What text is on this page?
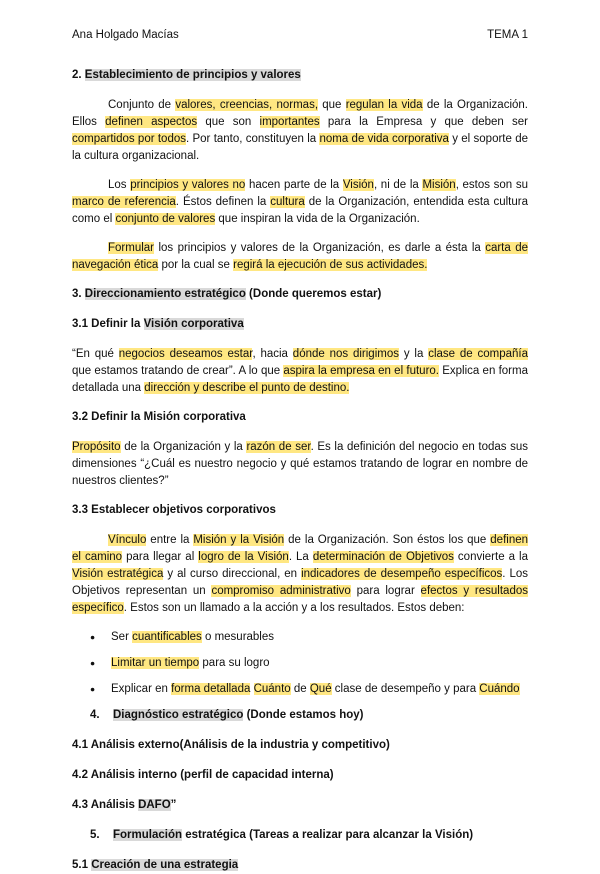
Ana Holgado Macías	TEMA 1
2. Establecimiento de principios y valores
Conjunto de valores, creencias, normas, que regulan la vida de la Organización. Ellos definen aspectos que son importantes para la Empresa y que deben ser compartidos por todos. Por tanto, constituyen la noma de vida corporativa y el soporte de la cultura organizacional.
Los principios y valores no hacen parte de la Visión, ni de la Misión, estos son su marco de referencia. Éstos definen la cultura de la Organización, entendida esta cultura como el conjunto de valores que inspiran la vida de la Organización.
Formular los principios y valores de la Organización, es darle a ésta la carta de navegación ética por la cual se regirá la ejecución de sus actividades.
3. Direccionamiento estratégico (Donde queremos estar)
3.1 Definir la Visión corporativa
“En qué negocios deseamos estar, hacia dónde nos dirigimos y la clase de compañía que estamos tratando de crear”. A lo que aspira la empresa en el futuro. Explica en forma detallada una dirección y describe el punto de destino.
3.2 Definir la Misión corporativa
Propósito de la Organización y la razón de ser. Es la definición del negocio en todas sus dimensiones “¿Cuál es nuestro negocio y qué estamos tratando de lograr en nombre de nuestros clientes?”
3.3 Establecer objetivos corporativos
Vínculo entre la Misión y la Visión de la Organización. Son éstos los que definen el camino para llegar al logro de la Visión. La determinación de Objetivos convierte a la Visión estratégica y al curso direccional, en indicadores de desempeño específicos. Los Objetivos representan un compromiso administrativo para lograr efectos y resultados específico. Estos son un llamado a la acción y a los resultados. Estos deben:
●	Ser cuantificables o mesurables
●	Limitar un tiempo para su logro
●	Explicar en forma detallada Cuánto de Qué clase de desempeño y para Cuándo
4. Diagnóstico estratégico (Donde estamos hoy)
4.1 Análisis externo(Análisis de la industria y competitivo)
4.2 Análisis interno (perfil de capacidad interna)
4.3 Análisis DAFO”
5. Formulación estratégica (Tareas a realizar para alcanzar la Visión)
5.1 Creación de una estrategia
